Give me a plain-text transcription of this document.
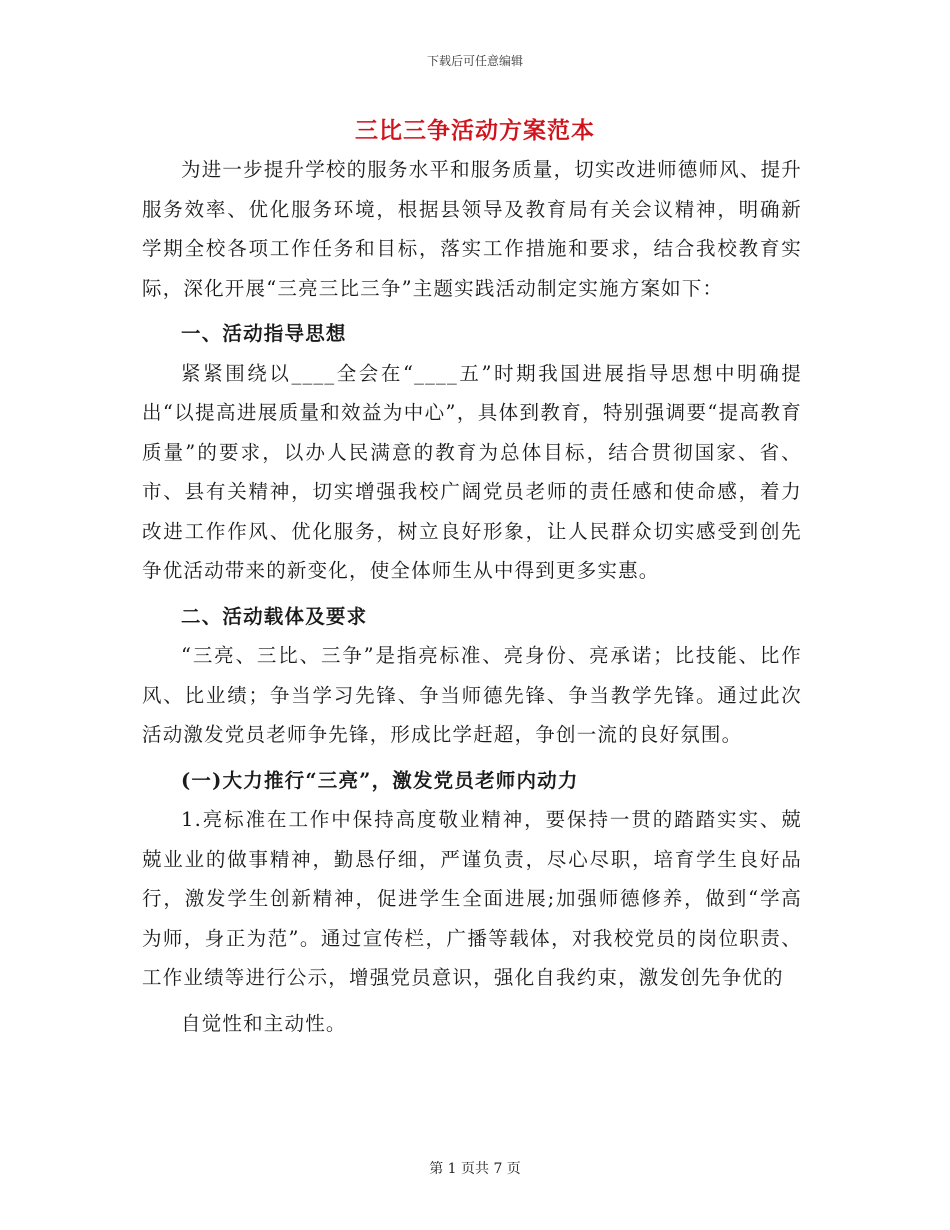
下载后可任意编辑
三比三争活动方案范本

为进一步提升学校的服务水平和服务质量，切实改进师德师风、提升服务效率、优化服务环境，根据县领导及教育局有关会议精神，明确新学期全校各项工作任务和目标，落实工作措施和要求，结合我校教育实际，深化开展“三亮三比三争”主题实践活动制定实施方案如下：

一、活动指导思想

紧紧围绕以____全会在“____五”时期我国进展指导思想中明确提出“以提高进展质量和效益为中心”，具体到教育，特别强调要“提高教育质量”的要求，以办人民满意的教育为总体目标，结合贯彻国家、省、市、县有关精神，切实增强我校广阔党员老师的责任感和使命感，着力改进工作作风、优化服务，树立良好形象，让人民群众切实感受到创先争优活动带来的新变化，使全体师生从中得到更多实惠。

二、活动载体及要求

“三亮、三比、三争”是指亮标准、亮身份、亮承诺；比技能、比作风、比业绩；争当学习先锋、争当师德先锋、争当教学先锋。通过此次活动激发党员老师争先锋，形成比学赶超，争创一流的良好氛围。

(一)大力推行“三亮”，激发党员老师内动力

1.亮标准在工作中保持高度敬业精神，要保持一贯的踏踏实实、兢兢业业的做事精神，勤恳仔细，严谨负责，尽心尽职，培育学生良好品行，激发学生创新精神，促进学生全面进展;加强师德修养，做到“学高为师，身正为范”。通过宣传栏，广播等载体，对我校党员的岗位职责、工作业绩等进行公示，增强党员意识，强化自我约束，激发创先争优的

自觉性和主动性。

第 1 页共 7 页
